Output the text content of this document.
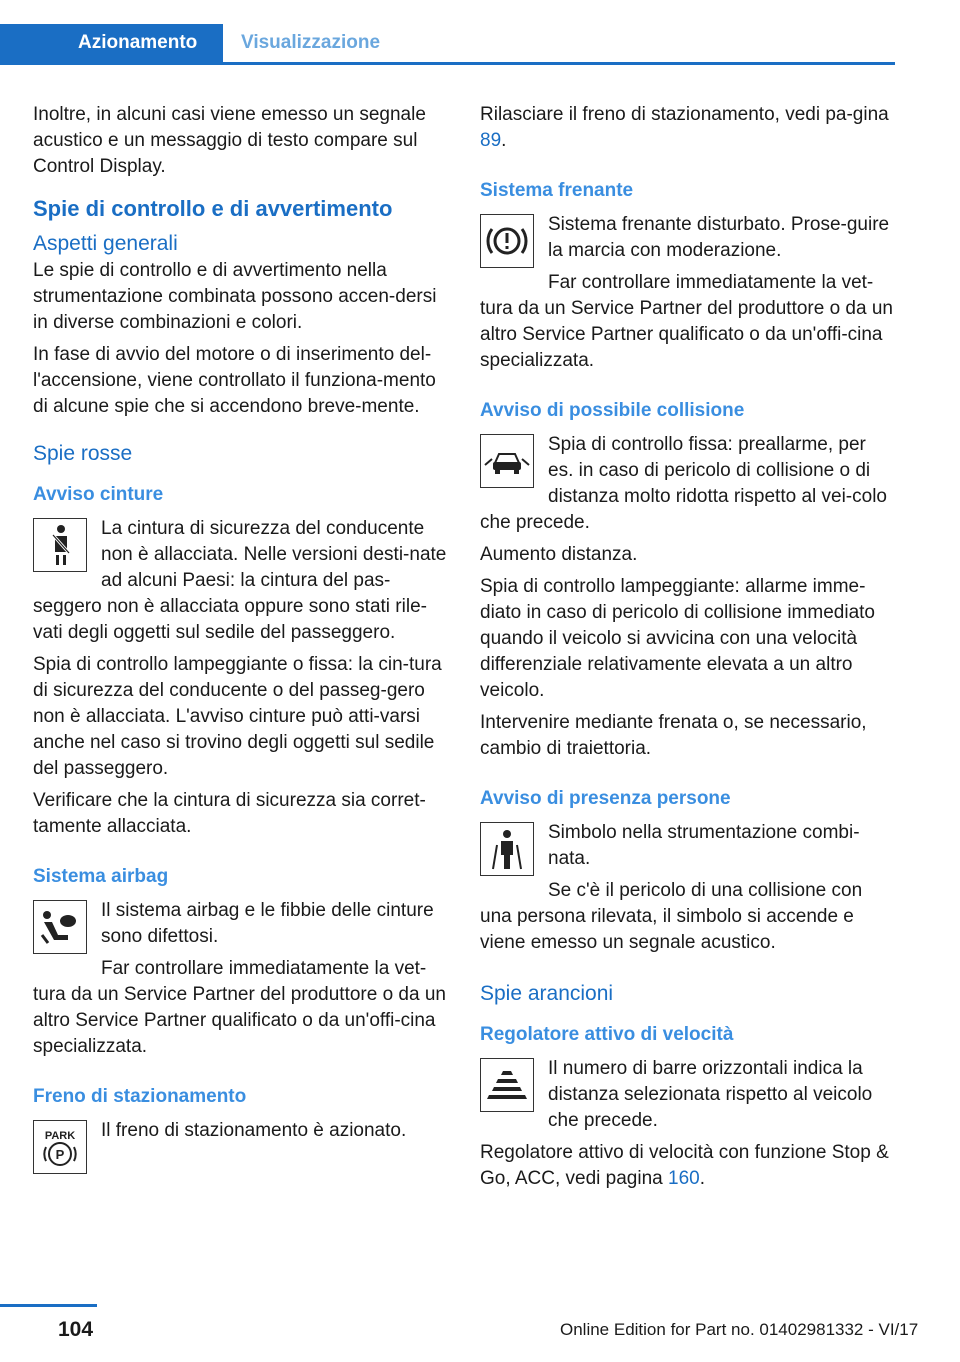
Azionamento	Visualizzazione

Inoltre, in alcuni casi viene emesso un segnale acustico e un messaggio di testo compare sul Control Display.

Spie di controllo e di avvertimento
Aspetti generali

Le spie di controllo e di avvertimento nella strumentazione combinata possono accen-dersi in diverse combinazioni e colori.

In fase di avvio del motore o di inserimento del-l'accensione, viene controllato il funziona-mento di alcune spie che si accendono breve-mente.

Spie rosse
Avviso cinture

La cintura di sicurezza del conducente non è allacciata. Nelle versioni desti-nate ad alcuni Paesi: la cintura del pas-seggero non è allacciata oppure sono stati rile-vati degli oggetti sul sedile del passeggero.

Spia di controllo lampeggiante o fissa: la cin-tura di sicurezza del conducente o del passeg-gero non è allacciata. L'avviso cinture può atti-varsi anche nel caso si trovino degli oggetti sul sedile del passeggero.

Verificare che la cintura di sicurezza sia corret-tamente allacciata.

Sistema airbag

Il sistema airbag e le fibbie delle cinture sono difettosi.

Far controllare immediatamente la vet-tura da un Service Partner del produttore o da un altro Service Partner qualificato o da un'offi-cina specializzata.

Freno di stazionamento
PARK
P

Il freno di stazionamento è azionato.

Rilasciare il freno di stazionamento, vedi pa-gina 89.

Sistema frenante

Sistema frenante disturbato. Prose-guire la marcia con moderazione.

Far controllare immediatamente la vet-tura da un Service Partner del produttore o da un altro Service Partner qualificato o da un'offi-cina specializzata.

Avviso di possibile collisione

Spia di controllo fissa: preallarme, per es. in caso di pericolo di collisione o di distanza molto ridotta rispetto al vei-colo che precede.

Aumento distanza.

Spia di controllo lampeggiante: allarme imme-diato in caso di pericolo di collisione immediato quando il veicolo si avvicina con una velocità differenziale relativamente elevata a un altro veicolo.

Intervenire mediante frenata o, se necessario, cambio di traiettoria.

Avviso di presenza persone

Simbolo nella strumentazione combi-nata.

Se c'è il pericolo di una collisione con una persona rilevata, il simbolo si accende e viene emesso un segnale acustico.

Spie arancioni
Regolatore attivo di velocità

Il numero di barre orizzontali indica la distanza selezionata rispetto al veicolo che precede.

Regolatore attivo di velocità con funzione Stop & Go, ACC, vedi pagina 160.

104	Online Edition for Part no. 01402981332 - VI/17
